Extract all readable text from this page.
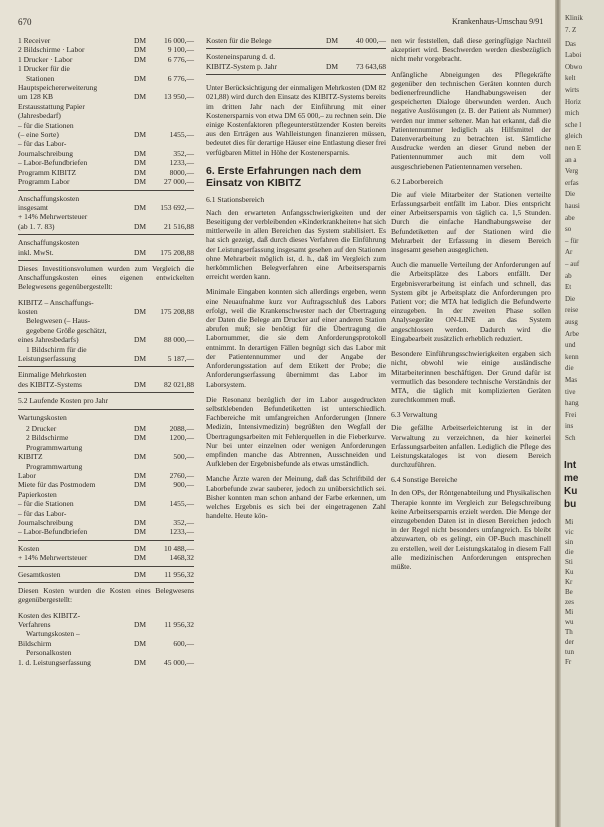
670	Krankenhaus-Umschau 9/91
1 Receiver	DM	16 000,—
2 Bildschirme · Labor	DM	9 100,—
1 Drucker · Labor	DM	6 776,—
1 Drucker für die
Stationen	DM	6 776,—
Hauptspeichererweiterung
um 128 KB	DM	13 950,—
Erstausstattung Papier
(Jahresbedarf)
– für die Stationen
(– eine Sorte)	DM	1455,—
– für das Labor-
Journalschreibung	DM	352,—
– Labor-Befundbriefen	DM	1233,—
Programm KIBITZ	DM	8000,—
Programm Labor	DM	27 000,—
Anschaffungskosten
insgesamt	DM	153 692,—
+ 14% Mehrwertsteuer
(ab 1. 7. 83)	DM	21 516,88
Anschaffungskosten
inkl. MwSt.	DM	175 208,88

Dieses Investitionsvolumen wurden zum Vergleich die Anschaffungskosten eines eigenen entwickelten Belegwesens gegenübergestellt:

KIBITZ – Anschaffungs-
kosten	DM	175 208,88
Belegwesen (– Haus-
gegebene Größe geschätzt,
eines Jahresbedarfs)	DM	88 000,—
1 Bildschirm für die
Leistungserfassung	DM	5 187,—
Einmalige Mehrkosten
des KIBITZ-Systems	DM	82 021,88
5.2 Laufende Kosten pro Jahr
Wartungskosten
2 Drucker	DM	2088,—
2 Bildschirme	DM	1200,—
Programmwartung
KIBITZ	DM	500,—
Programmwartung
Labor	DM	2760,—
Miete für das Postmodem	DM	900,—
Papierkosten
– für die Stationen	DM	1455,—
– für das Labor-
Journalschreibung	DM	352,—
– Labor-Befundbriefen	DM	1233,—
Kosten	DM	10 488,—
+ 14% Mehrwertsteuer	DM	1468,32
Gesamtkosten	DM	11 956,32

Diesen Kosten wurden die Kosten eines Belegwesens gegenübergestellt:

Kosten des KIBITZ-
Verfahrens	DM	11 956,32
Wartungskosten –
Bildschirm	DM	600,—
Personalkosten
1. d. Leistungserfassung	DM	45 000,—
Kosten für die Belege	DM	40 000,—
Kosteneinsparung d. d.
KIBITZ-System p. Jahr	DM	73 643,68

Unter Berücksichtigung der einmaligen Mehrkosten (DM 82 021,88) wird durch den Einsatz des KIBITZ-Systems bereits im dritten Jahr nach der Einführung mit einer Kostenersparnis von etwa DM 65 000,– zu rechnen sein. Die einige Kostenfaktoren pflegeunterstützender Kosten bereits aus den Erträgen aus Wahlleistungen finanzieren müssen, bedeutet dies für derartige Häuser eine Entlastung dieser frei verfügbaren Mittel in Höhe der Kostenersparnis.

6. Erste Erfahrungen nach dem Einsatz von KIBITZ
6.1 Stationsbereich

Nach den erwarteten Anfangsschwierigkeiten und der Beseitigung der verbleibenden »Kinderkrankheiten« hat sich mittlerweile in allen Bereichen das System stabilisiert. Es hat sich gezeigt, daß durch dieses Verfahren die Einführung der Leistungserfassung insgesamt gesehen auf den Stationen ohne Mehrarbeit möglich ist, d. h., daß im Vergleich zum herkömmlichen Belegverfahren eine Arbeitsersparnis erreicht werden kann.

Minimale Eingaben konnten sich allerdings ergeben, wenn eine Neuaufnahme kurz vor Auftragsschluß des Labors erfolgt, weil die Krankenschwester nach der Übertragung der Daten die Belege am Drucker auf einer anderen Station abrufen muß; sie benötigt für die Übertragung die Labornummer, die sie dem Anforderungsprotokoll entnimmt. In derartigen Fällen begnügt sich das Labor mit der Patientennummer und der Angabe der Anforderungsstation auf dem Etikett der Probe; die Anforderungserfassung übernimmt das Labor im Laborsystem.

Die Resonanz bezüglich der im Labor ausgedruckten selbstklebenden Befundetiketten ist unterschiedlich. Fachbereiche mit umfangreichen Anforderungen (Innere Medizin, Intensivmedizin) begrüßten den Wegfall der Übertragungsarbeiten mit Fehlerquellen in die Fieberkurve. Nur bei unter einzelnen oder wenigen Anforderungen empfinden manche das Abtrennen, Ausschneiden und Aufkleben der Ergebnisbefunde als etwas umständlich.

Manche Ärzte waren der Meinung, daß das Schriftbild der Laborbefunde zwar sauberer, jedoch zu unübersichtlich sei. Bisher konnten man schon anhand der Farbe erkennen, um welches Ergebnis es sich bei der eingetragenen Zahl handelte. Heute kön-

nen wir feststellen, daß diese geringfügige Nachteil akzeptiert wird. Beschwerden werden diesbezüglich nicht mehr vorgebracht.

Anfängliche Abneigungen des Pflegekräfte gegenüber den technischen Geräten konnten durch bedienerfreundliche Handhabungsweisen der gespeicherten Dialoge überwunden werden. Auch negative Auslösungen (z. B. der Patient als Nummer) werden nur immer seltener. Man hat erkannt, daß die Patientennummer lediglich als Hilfsmittel der Datenverarbeitung zu betrachten ist. Sämtliche Ausdrucke werden an dieser Grund neben der Patientennummer auch mit dem voll ausgeschriebenen Patientennamen versehen.

6.2 Laborbereich

Die auf viele Mitarbeiter der Stationen verteilte Erfassungsarbeit entfällt im Labor. Dies entspricht einer Arbeitsersparnis von täglich ca. 1,5 Stunden. Durch die einfache Handhabungsweise der Befundetiketten auf der Stationen wird die Mehrarbeit der Erfassung in diesem Bereich insgesamt gesehen ausgeglichen.

Auch die manuelle Verteilung der Anforderungen auf die Arbeitsplätze des Labors entfällt. Der Ergebnisverarbeitung ist einfach und schnell, das System gibt je Arbeitsplatz die Anforderungen pro Patient vor; die MTA hat lediglich die Befundwerte einzugeben. In der zweiten Phase sollen Analysegeräte ON-LINE an das System angeschlossen werden. Dadurch wird die Eingabearbeit zusätzlich erheblich reduziert.

Besondere Einführungsschwierigkeiten ergaben sich nicht, obwohl wie einige ausländische Mitarbeiterinnen beschäftigen. Der Grund dafür ist vermutlich das besondere technische Verständnis der MTA, die täglich mit komplizierten Geräten zurechtkommen muß.

6.3 Verwaltung

Die gefällte Arbeitserleichterung ist in der Verwaltung zu verzeichnen, da hier keinerlei Erfassungsarbeiten anfallen. Lediglich die Pflege des Leistungskataloges ist von diesem Bereich durchzuführen.

6.4 Sonstige Bereiche

In den OPs, der Röntgenabteilung und Physikalischen Therapie konnte im Vergleich zur Belegschreibung keine Arbeitsersparnis erzielt werden. Die Menge der einzugebenden Daten ist in diesen Bereichen jedoch in der Regel nicht besonders umfangreich. Es bleibt abzuwarten, ob es gelingt, ein OP-Buch maschinell zu erstellen, weil der Leistungskatalog in diesem Fall alle medizinischen Anforderungen entsprechen müßte.

Klinik
7. Z
Das
Laboi
Obwo
kelt
wirts
Horiz
mich
sche l
gleich
nen E
an a
Verg
erfas
Die
hausi
abe
so
– für
Ar
– auf
ab
Et
Die
reise
ausg
Arbe
und
kenn
die
Mas
tive
hang
Frei
ins
Sch
Int
me
Ku
bu
Mi
vic
sin
die
Sti
Ku
Kr
Be
zes
Mi
wu
Th
der
tun
Fr
